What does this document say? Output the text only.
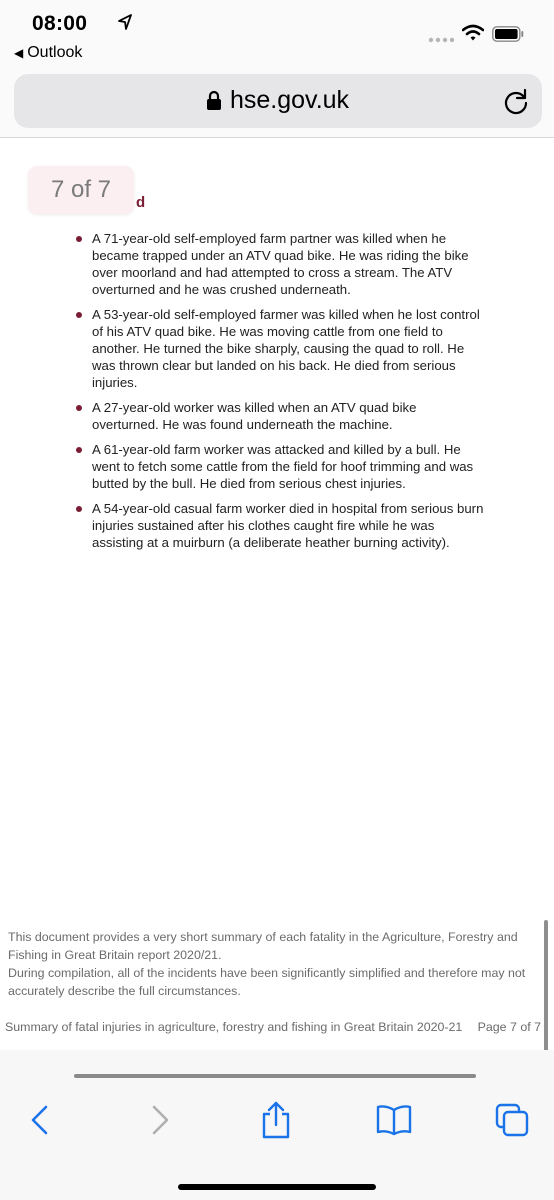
08:00
◀ Outlook
hse.gov.uk
7 of 7	d
A 71-year-old self-employed farm partner was killed when he became trapped under an ATV quad bike. He was riding the bike over moorland and had attempted to cross a stream. The ATV overturned and he was crushed underneath.
A 53-year-old self-employed farmer was killed when he lost control of his ATV quad bike. He was moving cattle from one field to another. He turned the bike sharply, causing the quad to roll. He was thrown clear but landed on his back. He died from serious injuries.
A 27-year-old worker was killed when an ATV quad bike overturned. He was found underneath the machine.
A 61-year-old farm worker was attacked and killed by a bull. He went to fetch some cattle from the field for hoof trimming and was butted by the bull. He died from serious chest injuries.
A 54-year-old casual farm worker died in hospital from serious burn injuries sustained after his clothes caught fire while he was assisting at a muirburn (a deliberate heather burning activity).
This document provides a very short summary of each fatality in the Agriculture, Forestry and Fishing in Great Britain report 2020/21.
During compilation, all of the incidents have been significantly simplified and therefore may not accurately describe the full circumstances.
Summary of fatal injuries in agriculture, forestry and fishing in Great Britain 2020-21 Page 7 of 7
